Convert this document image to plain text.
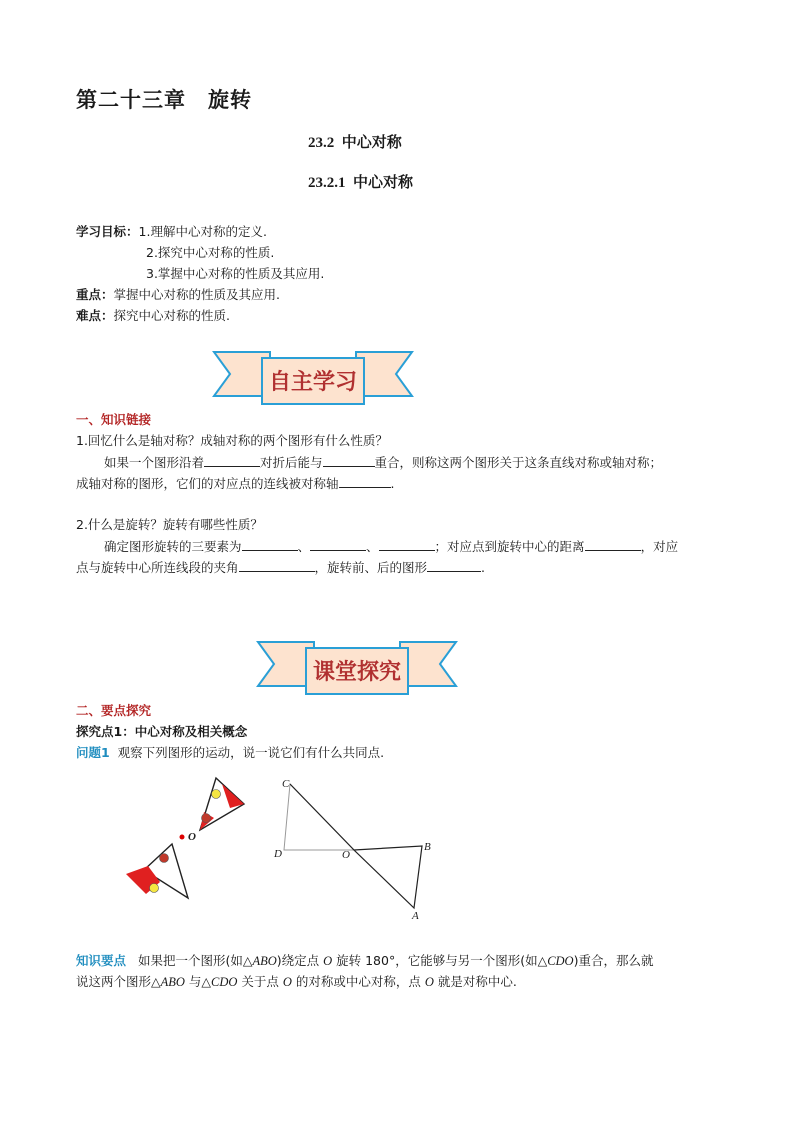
第二十三章　旋转
23.2  中心对称
23.2.1  中心对称
学习目标：1.理解中心对称的定义.
2.探究中心对称的性质.
3.掌握中心对称的性质及其应用.
重点：掌握中心对称的性质及其应用.
难点：探究中心对称的性质.
自主学习
一、知识链接
1.回忆什么是轴对称？成轴对称的两个图形有什么性质？
如果一个图形沿着	对折后能与	重合，则称这两个图形关于这条直线对称或轴对称；
成轴对称的图形，它们的对应点的连线被对称轴	.
2.什么是旋转？旋转有哪些性质？
确定图形旋转的三要素为	、	、	；对应点到旋转中心的距离	，对应
点与旋转中心所连线段的夹角	，旋转前、后的图形	.
课堂探究
二、要点探究
探究点1：中心对称及相关概念
问题1 观察下列图形的运动，说一说它们有什么共同点.
O
C
D	O
B
A
知识要点 如果把一个图形(如△ABO)绕定点 O 旋转 180°，它能够与另一个图形(如△CDO)重合，那么就
说这两个图形△ABO 与△CDO 关于点 O 的对称或中心对称，点 O 就是对称中心.
